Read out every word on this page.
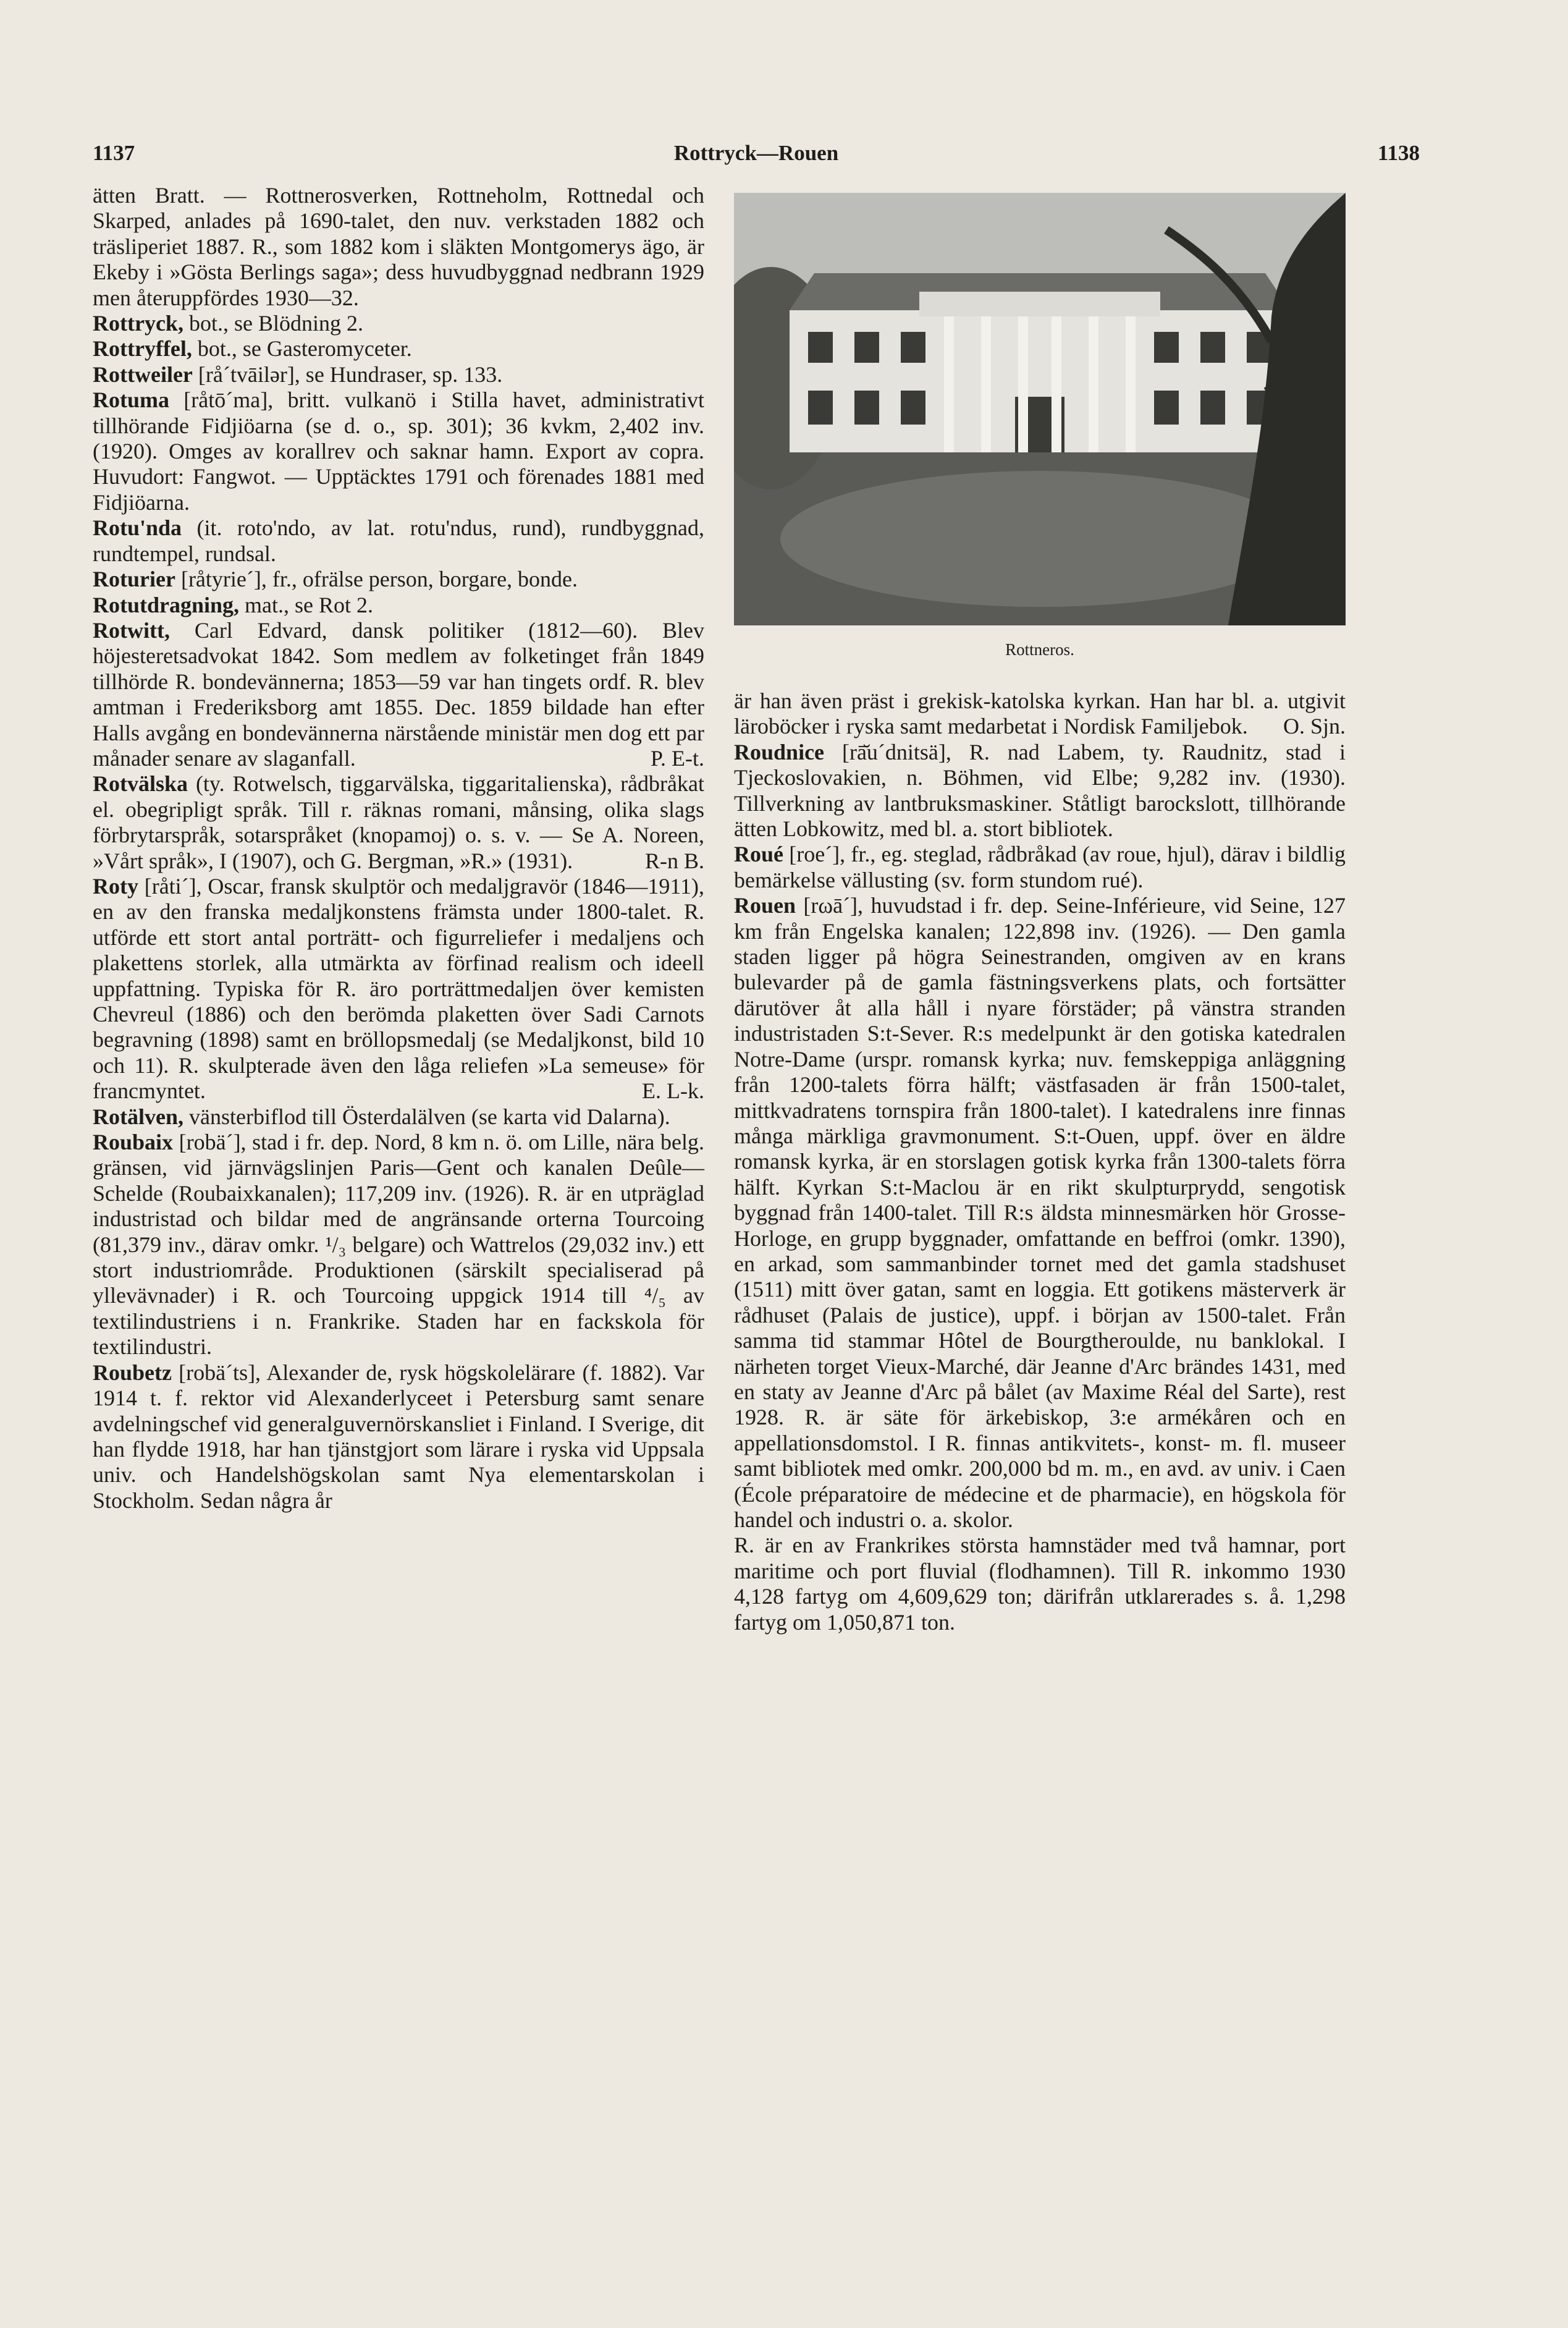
1137	Rottryck—Rouen	1138
Rottneros.

ätten Bratt. — Rottnerosverken, Rottneholm, Rottnedal och Skarped, anlades på 1690-talet, den nuv. verkstaden 1882 och träsliperiet 1887. R., som 1882 kom i släkten Montgomerys ägo, är Ekeby i »Gösta Berlings saga»; dess huvudbyggnad nedbrann 1929 men återuppfördes 1930—32.

Rottryck, bot., se Blödning 2.

Rottryffel, bot., se Gasteromyceter.

Rottweiler [rå´tvāilər], se Hundraser, sp. 133.

Rotuma [råtō´ma], britt. vulkanö i Stilla havet, administrativt tillhörande Fidjiöarna (se d. o., sp. 301); 36 kvkm, 2,402 inv. (1920). Omges av korallrev och saknar hamn. Export av copra. Huvudort: Fangwot. — Upptäcktes 1791 och förenades 1881 med Fidjiöarna.

Rotu'nda (it. roto'ndo, av lat. rotu'ndus, rund), rundbyggnad, rundtempel, rundsal.

Roturier [råtyrie´], fr., ofrälse person, borgare, bonde.

Rotutdragning, mat., se Rot 2.

Rotwitt, Carl Edvard, dansk politiker (1812—60). Blev höjesteretsadvokat 1842. Som medlem av folketinget från 1849 tillhörde R. bondevännerna; 1853—59 var han tingets ordf. R. blev amtman i Frederiksborg amt 1855. Dec. 1859 bildade han efter Halls avgång en bondevännerna närstående ministär men dog ett par månader senare av slaganfall.	P. E-t.

Rotvälska (ty. Rotwelsch, tiggarvälska, tiggaritalienska), rådbråkat el. obegripligt språk. Till r. räknas romani, månsing, olika slags förbrytarspråk, sotarspråket (knopamoj) o. s. v. — Se A. Noreen, »Vårt språk», I (1907), och G. Bergman, »R.» (1931).	R-n B.

Roty [råti´], Oscar, fransk skulptör och medaljgravör (1846—1911), en av den franska medaljkonstens främsta under 1800-talet. R. utförde ett stort antal porträtt- och figurreliefer i medaljens och plakettens storlek, alla utmärkta av förfinad realism och ideell uppfattning. Typiska för R. äro porträttmedaljen över kemisten Chevreul (1886) och den berömda plaketten över Sadi Carnots begravning (1898) samt en bröllopsmedalj (se Medaljkonst, bild 10 och 11). R. skulpterade även den låga reliefen »La semeuse» för francmyntet.	E. L-k.

Rotälven, vänsterbiflod till Österdalälven (se karta vid Dalarna).

Roubaix [robä´], stad i fr. dep. Nord, 8 km n. ö. om Lille, nära belg. gränsen, vid järnvägslinjen Paris—Gent och kanalen Deûle—Schelde (Roubaixkanalen); 117,209 inv. (1926). R. är en utpräglad industristad och bildar med de angränsande orterna Tourcoing (81,379 inv., därav omkr. ¹/₃ belgare) och Wattrelos (29,032 inv.) ett stort industriområde. Produktionen (särskilt specialiserad på yllevävnader) i R. och Tourcoing uppgick 1914 till ⁴/₅ av textilindustriens i n. Frankrike. Staden har en fackskola för textilindustri.

Roubetz [robä´ts], Alexander de, rysk högskolelärare (f. 1882). Var 1914 t. f. rektor vid Alexanderlyceet i Petersburg samt senare avdelningschef vid generalguvernörskansliet i Finland. I Sverige, dit han flydde 1918, har han tjänstgjort som lärare i ryska vid Uppsala univ. och Handelshögskolan samt Nya elementarskolan i Stockholm. Sedan några år

är han även präst i grekisk-katolska kyrkan. Han har bl. a. utgivit läroböcker i ryska samt medarbetat i Nordisk Familjebok. O. Sjn.

Roudnice [rā̆u´dnitsä], R. nad Labem, ty. Raudnitz, stad i Tjeckoslovakien, n. Böhmen, vid Elbe; 9,282 inv. (1930). Tillverkning av lantbruksmaskiner. Ståtligt barockslott, tillhörande ätten Lobkowitz, med bl. a. stort bibliotek.

Roué [roe´], fr., eg. steglad, rådbråkad (av roue, hjul), därav i bildlig bemärkelse vällusting (sv. form stundom rué).

Rouen [rωā´], huvudstad i fr. dep. Seine-Inférieure, vid Seine, 127 km från Engelska kanalen; 122,898 inv. (1926). — Den gamla staden ligger på högra Seinestranden, omgiven av en krans bulevarder på de gamla fästningsverkens plats, och fortsätter därutöver åt alla håll i nyare förstäder; på vänstra stranden industristaden S:t-Sever. R:s medelpunkt är den gotiska katedralen Notre-Dame (urspr. romansk kyrka; nuv. femskeppiga anläggning från 1200-talets förra hälft; västfasaden är från 1500-talet, mittkvadratens tornspira från 1800-talet). I katedralens inre finnas många märkliga gravmonument. S:t-Ouen, uppf. över en äldre romansk kyrka, är en storslagen gotisk kyrka från 1300-talets förra hälft. Kyrkan S:t-Maclou är en rikt skulpturprydd, sengotisk byggnad från 1400-talet. Till R:s äldsta minnesmärken hör Grosse-Horloge, en grupp byggnader, omfattande en beffroi (omkr. 1390), en arkad, som sammanbinder tornet med det gamla stadshuset (1511) mitt över gatan, samt en loggia. Ett gotikens mästerverk är rådhuset (Palais de justice), uppf. i början av 1500-talet. Från samma tid stammar Hôtel de Bourgtheroulde, nu banklokal. I närheten torget Vieux-Marché, där Jeanne d'Arc brändes 1431, med en staty av Jeanne d'Arc på bålet (av Maxime Réal del Sarte), rest 1928. R. är säte för ärkebiskop, 3:e armékåren och en appellationsdomstol. I R. finnas antikvitets-, konst- m. fl. museer samt bibliotek med omkr. 200,000 bd m. m., en avd. av univ. i Caen (École préparatoire de médecine et de pharmacie), en högskola för handel och industri o. a. skolor.

R. är en av Frankrikes största hamnstäder med två hamnar, port maritime och port fluvial (flodhamnen). Till R. inkommo 1930 4,128 fartyg om 4,609,629 ton; därifrån utklarerades s. å. 1,298 fartyg om 1,050,871 ton.
